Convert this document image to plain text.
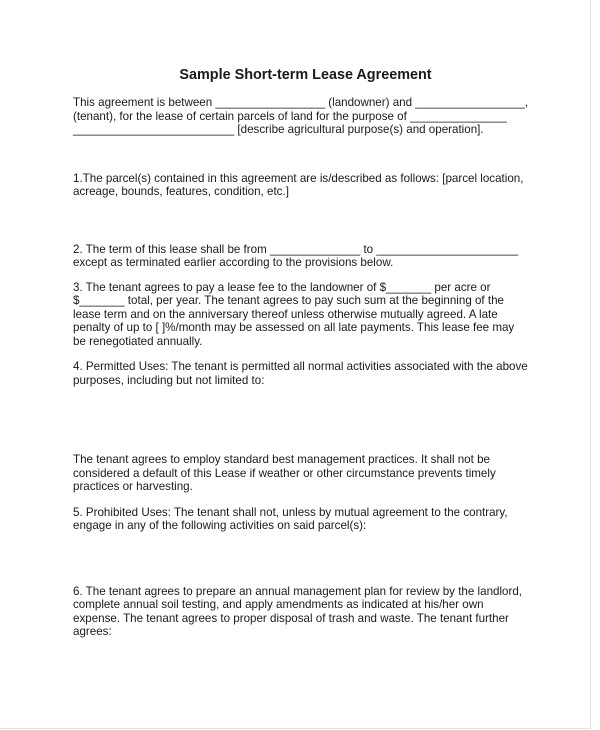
Sample Short-term Lease Agreement

This agreement is between _________________ (landowner) and _________________,
(tenant), for the lease of certain parcels of land for the purpose of _______________
_________________________ [describe agricultural purpose(s) and operation].

1.The parcel(s) contained in this agreement are is/described as follows: [parcel location,
acreage, bounds, features, condition, etc.]

2. The term of this lease shall be from ______________ to ______________________
except as terminated earlier according to the provisions below.

3. The tenant agrees to pay a lease fee to the landowner of $_______ per acre or
$_______ total, per year. The tenant agrees to pay such sum at the beginning of the
lease term and on the anniversary thereof unless otherwise mutually agreed. A late
penalty of up to [ ]%/month may be assessed on all late payments. This lease fee may
be renegotiated annually.

4. Permitted Uses: The tenant is permitted all normal activities associated with the above
purposes, including but not limited to:

The tenant agrees to employ standard best management practices. It shall not be
considered a default of this Lease if weather or other circumstance prevents timely
practices or harvesting.

5. Prohibited Uses: The tenant shall not, unless by mutual agreement to the contrary,
engage in any of the following activities on said parcel(s):

6. The tenant agrees to prepare an annual management plan for review by the landlord,
complete annual soil testing, and apply amendments as indicated at his/her own
expense. The tenant agrees to proper disposal of trash and waste. The tenant further
agrees:
